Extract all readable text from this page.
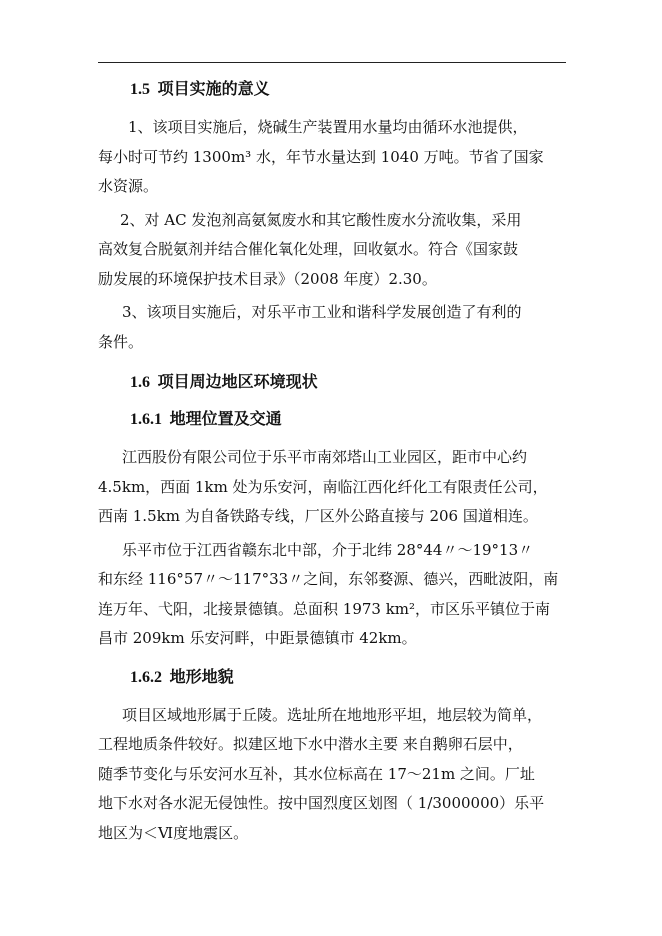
1.5 项目实施的意义

1、该项目实施后，烧碱生产装置用水量均由循环水池提供，
每小时可节约 1300m³ 水，年节水量达到 1040 万吨。节省了国家
水资源。

2、对 AC 发泡剂高氨氮废水和其它酸性废水分流收集，采用
高效复合脱氨剂并结合催化氧化处理，回收氨水。符合《国家鼓
励发展的环境保护技术目录》（2008 年度）2.30。

3、该项目实施后，对乐平市工业和谐科学发展创造了有利的
条件。

1.6 项目周边地区环境现状
1.6.1 地理位置及交通

江西股份有限公司位于乐平市南郊塔山工业园区，距市中心约
4.5km，西面 1km 处为乐安河，南临江西化纤化工有限责任公司，
西南 1.5km 为自备铁路专线，厂区外公路直接与 206 国道相连。

乐平市位于江西省赣东北中部，介于北纬 28°44〃～19°13〃
和东经 116°57〃～117°33〃之间，东邻婺源、德兴，西毗波阳，南
连万年、弋阳，北接景德镇。总面积 1973 km²，市区乐平镇位于南
昌市 209km 乐安河畔，中距景德镇市 42km。

1.6.2 地形地貌

项目区域地形属于丘陵。选址所在地地形平坦，地层较为简单，
工程地质条件较好。拟建区地下水中潜水主要 来自鹅卵石层中，
随季节变化与乐安河水互补，其水位标高在 17～21m 之间。厂址
地下水对各水泥无侵蚀性。按中国烈度区划图（ 1/3000000）乐平
地区为＜Ⅵ度地震区。
